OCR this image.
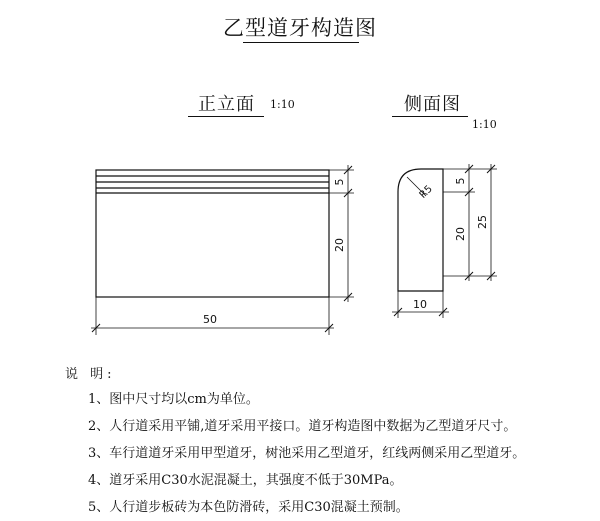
乙型道牙构造图
正立面 1:10	侧面图
1:10
50
5
20
R5
5
20
25
10
说 明:
1、图中尺寸均以cm为单位。
2、人行道采用平铺,道牙采用平接口。道牙构造图中数据为乙型道牙尺寸。
3、车行道道牙采用甲型道牙，树池采用乙型道牙，红线两侧采用乙型道牙。
4、道牙采用C30水泥混凝土，其强度不低于30MPa。
5、人行道步板砖为本色防滑砖，采用C30混凝土预制。
